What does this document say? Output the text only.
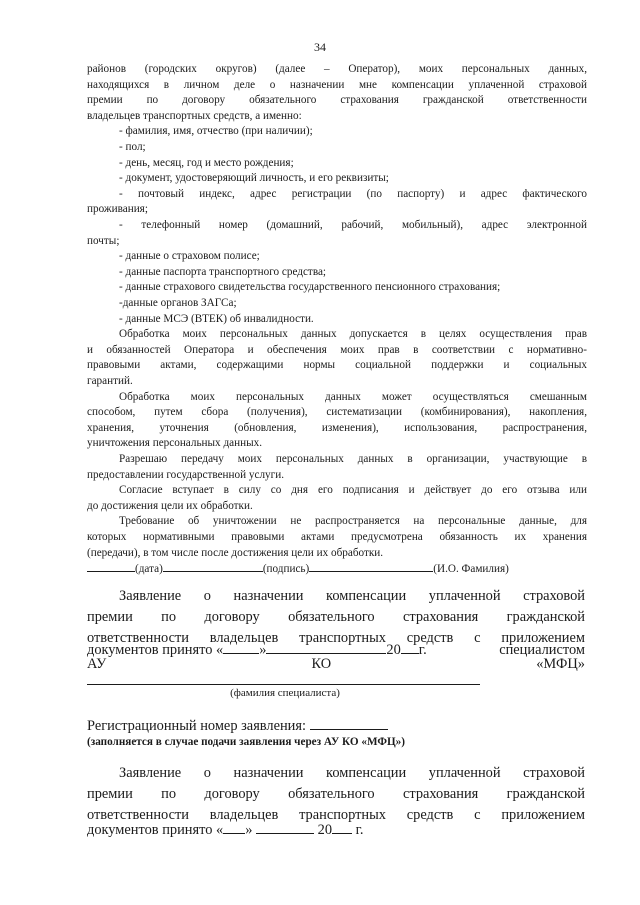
34
районов (городских округов) (далее – Оператор), моих персональных данных,
находящихся в личном деле о назначении мне компенсации уплаченной страховой
премии по договору обязательного страхования гражданской ответственности
владельцев транспортных средств, а именно:
- фамилия, имя, отчество (при наличии);
- пол;
- день, месяц, год и место рождения;
- документ, удостоверяющий личность, и его реквизиты;
- почтовый индекс, адрес регистрации (по паспорту) и адрес фактического
проживания;
- телефонный номер (домашний, рабочий, мобильный), адрес электронной
почты;
- данные о страховом полисе;
- данные паспорта транспортного средства;
- данные страхового свидетельства государственного пенсионного страхования;
-данные органов ЗАГСа;
- данные МСЭ (ВТЕК) об инвалидности.
Обработка моих персональных данных допускается в целях осуществления прав
и обязанностей Оператора и обеспечения моих прав в соответствии с нормативно-
правовыми актами, содержащими нормы социальной поддержки и социальных
гарантий.
Обработка моих персональных данных может осуществляться смешанным
способом, путем сбора (получения), систематизации (комбинирования), накопления,
хранения, уточнения (обновления, изменения), использования, распространения,
уничтожения персональных данных.
Разрешаю передачу моих персональных данных в организации, участвующие в
предоставлении государственной услуги.
Согласие вступает в силу со дня его подписания и действует до его отзыва или
до достижения цели их обработки.
Требование об уничтожении не распространяется на персональные данные, для
которых нормативными правовыми актами предусмотрена обязанность их хранения
(передачи), в том числе после достижения цели их обработки.
(дата)	(подпись)	(И.О. Фамилия)
Заявление о назначении компенсации уплаченной страховой
премии по договору обязательного страхования гражданской
ответственности владельцев транспортных средств с приложением
документов принято «	»	20 г.	специалистом
АУ	КО	«МФЦ»
(фамилия специалиста)
Регистрационный номер заявления:
(заполняется в случае подачи заявления через АУ КО «МФЦ»)
Заявление о назначении компенсации уплаченной страховой
премии по договору обязательного страхования гражданской
ответственности владельцев транспортных средств с приложением
документов принято « »	20 г.
